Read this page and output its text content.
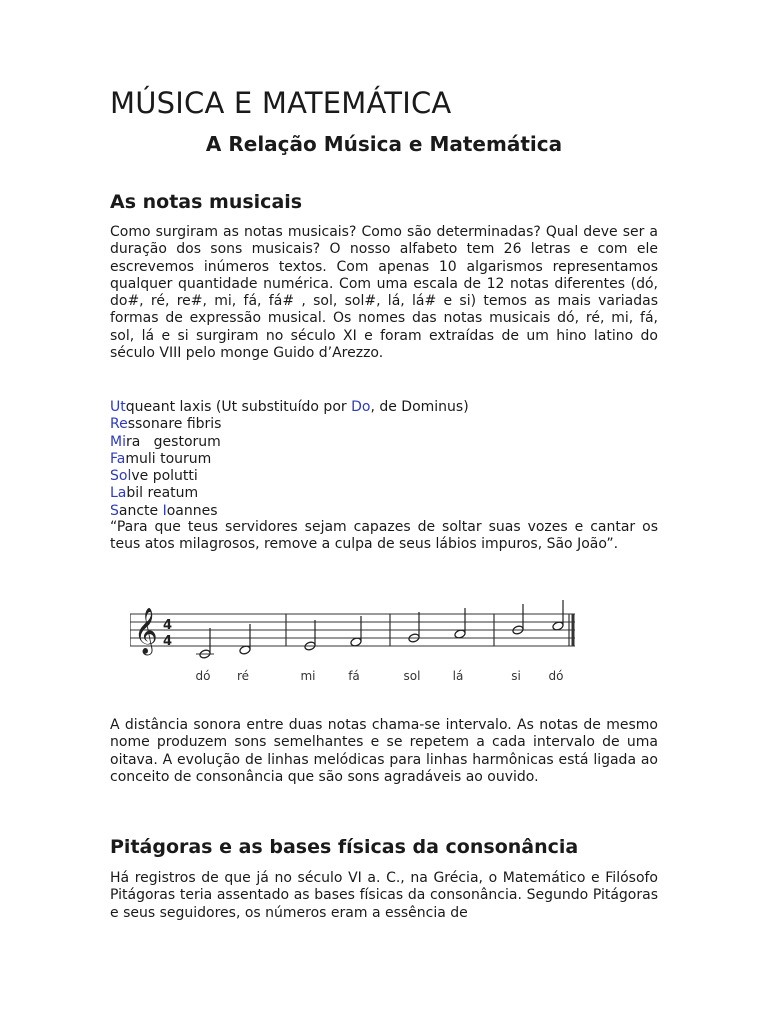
MÚSICA E MATEMÁTICA
A Relação Música e Matemática
As notas musicais
Como surgiram as notas musicais? Como são determinadas? Qual deve ser a duração dos sons musicais? O nosso alfabeto tem 26 letras e com ele escrevemos inúmeros textos. Com apenas 10 algarismos representamos qualquer quantidade numérica. Com uma escala de 12 notas diferentes (dó, do#, ré, re#, mi, fá, fá# , sol, sol#, lá, lá# e si) temos as mais variadas formas de expressão musical. Os nomes das notas musicais dó, ré, mi, fá, sol, lá e si surgiram no século XI e foram extraídas de um hino latino do século VIII pelo monge Guido d’Arezzo.
Utqueant laxis (Ut substituído por Do, de Dominus)
Ressonare fibris
Mira   gestorum
Famuli tourum
Solve polutti
Labil reatum
Sancte Ioannes
“Para que teus servidores sejam capazes de soltar suas vozes e cantar os teus atos milagrosos, remove a culpa de seus lábios impuros, São João”.
𝄞 4
4
dó ré	mi	fá	sol	lá	si dó
A distância sonora entre duas notas chama-se intervalo. As notas de mesmo nome produzem sons semelhantes e se repetem a cada intervalo de uma oitava. A evolução de linhas melódicas para linhas harmônicas está ligada ao conceito de consonância que são sons agradáveis ao ouvido.
Pitágoras e as bases físicas da consonância
Há registros de que já no século VI a. C., na Grécia, o Matemático e Filósofo Pitágoras teria assentado as bases físicas da consonância. Segundo Pitágoras e seus seguidores, os números eram a essência de
